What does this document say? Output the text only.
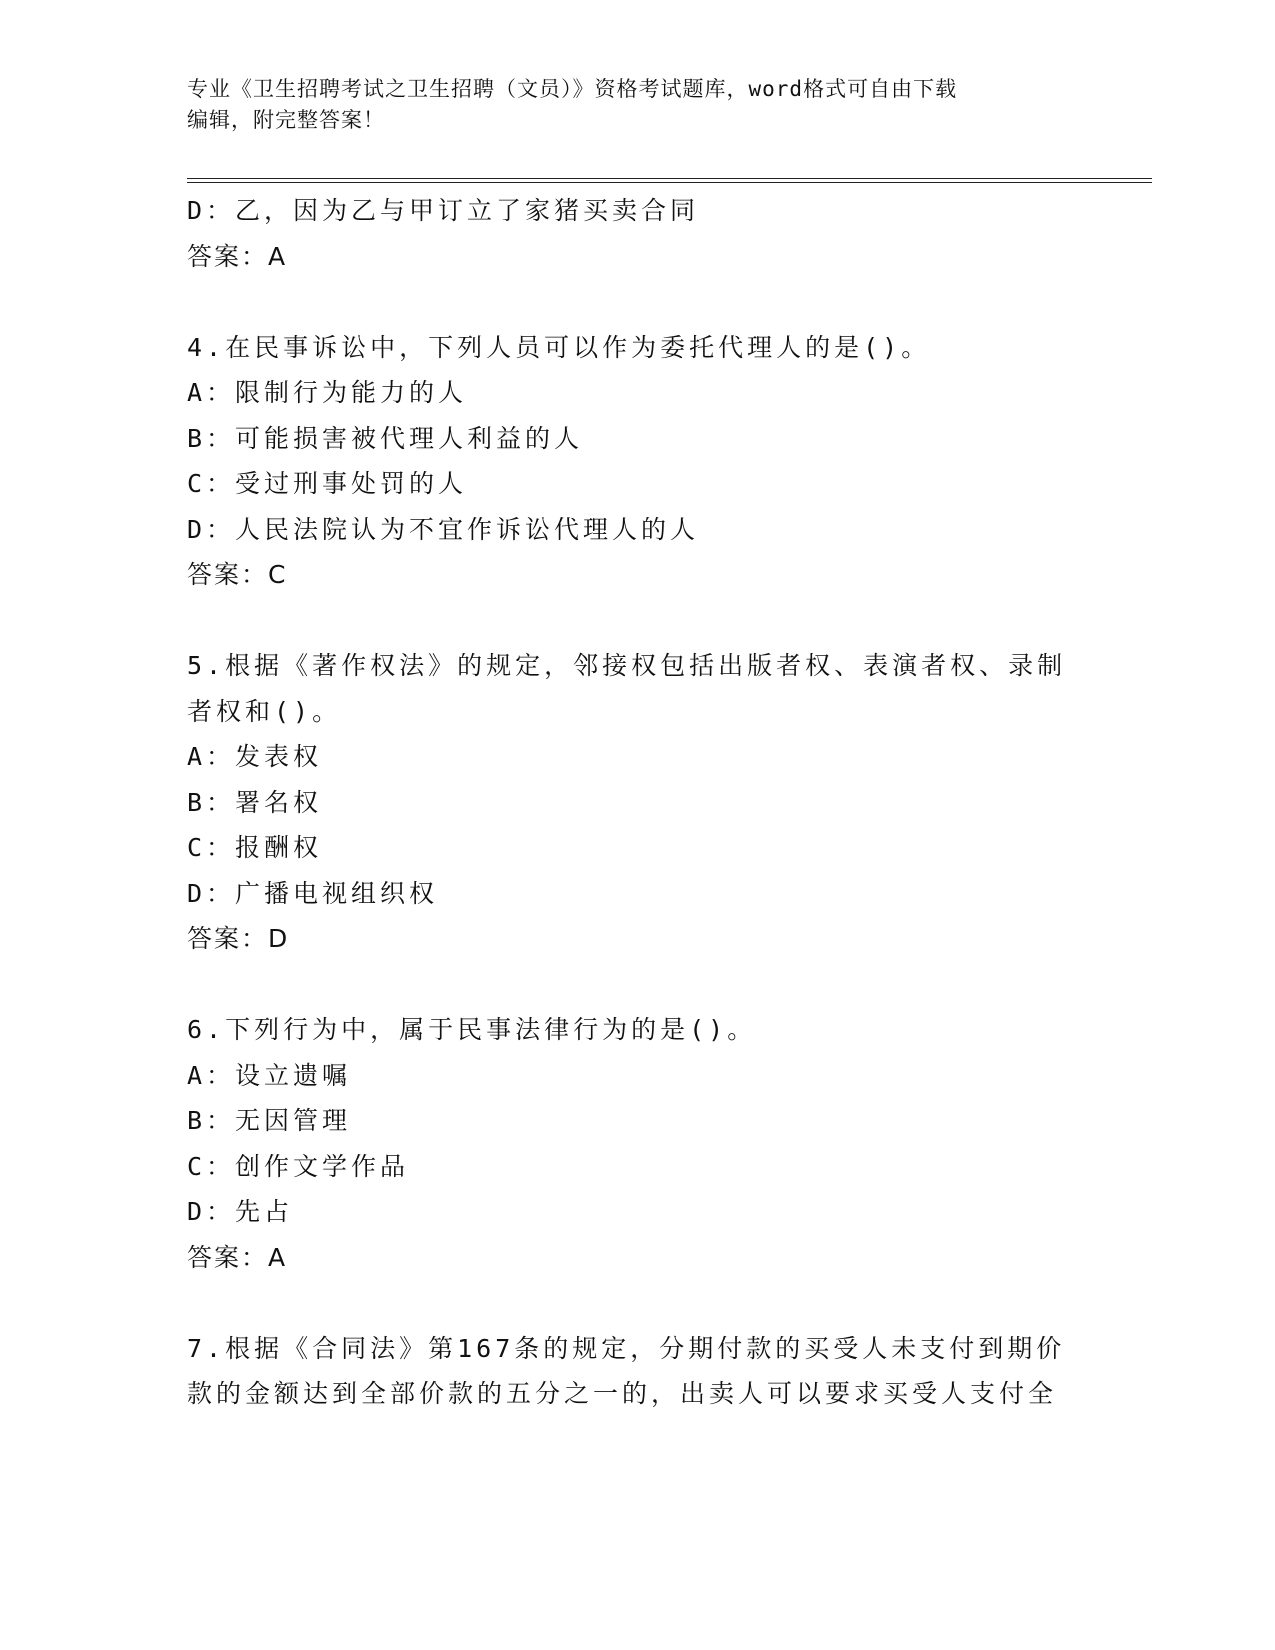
专业《卫生招聘考试之卫生招聘（文员）》资格考试题库，word格式可自由下载
编辑，附完整答案！
D：乙，因为乙与甲订立了家猪买卖合同
答案：A
4.在民事诉讼中，下列人员可以作为委托代理人的是()。
A：限制行为能力的人
B：可能损害被代理人利益的人
C：受过刑事处罚的人
D：人民法院认为不宜作诉讼代理人的人
答案：C
5.根据《著作权法》的规定，邻接权包括出版者权、表演者权、录制
者权和()。
A：发表权
B：署名权
C：报酬权
D：广播电视组织权
答案：D
6.下列行为中，属于民事法律行为的是()。
A：设立遗嘱
B：无因管理
C：创作文学作品
D：先占
答案：A
7.根据《合同法》第167条的规定，分期付款的买受人未支付到期价
款的金额达到全部价款的五分之一的，出卖人可以要求买受人支付全
